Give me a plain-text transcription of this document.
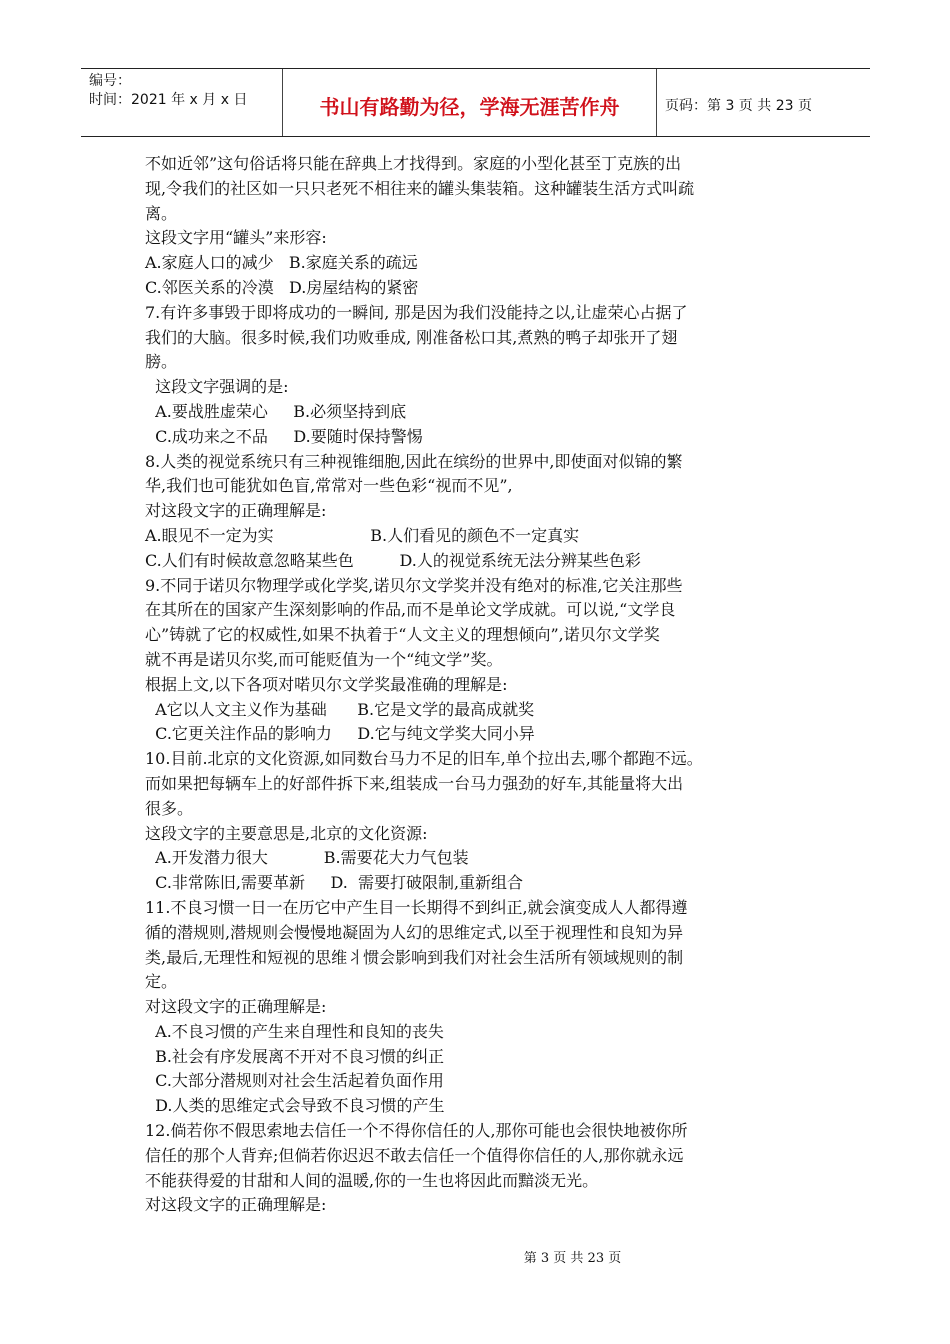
编号：
时间：2021 年 x 月 x 日	书山有路勤为径，学海无涯苦作舟	页码：第 3 页 共 23 页
不如近邻”这句俗话将只能在辞典上才找得到。家庭的小型化甚至丁克族的出
现,令我们的社区如一只只老死不相往来的罐头集装箱。这种罐装生活方式叫疏
离。
这段文字用“罐头”来形容:
A.家庭人口的减少   B.家庭关系的疏远
C.邻医关系的冷漠   D.房屋结构的紧密
7.有许多事毁于即将成功的一瞬间, 那是因为我们没能持之以,让虚荣心占据了
我们的大脑。很多时候,我们功败垂成, 刚准备松口其,煮熟的鸭子却张开了翅
膀。
这段文字强调的是:
A.要战胜虚荣心     B.必须坚持到底
C.成功来之不品     D.要随时保持警惕
8.人类的视觉系统只有三种视锥细胞,因此在缤纷的世界中,即使面对似锦的繁
华,我们也可能犹如色盲,常常对一些色彩“视而不见”,
对这段文字的正确理解是:
A.眼见不一定为实                   B.人们看见的颜色不一定真实
C.人们有时候故意忽略某些色         D.人的视觉系统无法分辨某些色彩
9.不同于诺贝尔物理学或化学奖,诺贝尔文学奖并没有绝对的标准,它关注那些
在其所在的国家产生深刻影响的作品,而不是单论文学成就。可以说,“文学良
心”铸就了它的权威性,如果不执着于“人文主义的理想倾向”,诺贝尔文学奖
就不再是诺贝尔奖,而可能贬值为一个“纯文学”奖。
根据上文,以下各项对喏贝尔文学奖最准确的理解是:
A它以人文主义作为基础      B.它是文学的最高成就奖
C.它更关注作品的影响力     D.它与纯文学奖大同小异
10.目前.北京的文化资源,如同数台马力不足的旧车,单个拉出去,哪个都跑不远。
而如果把每辆车上的好部件拆下来,组装成一台马力强劲的好车,其能量将大出
很多。
这段文字的主要意思是,北京的文化资源:
A.开发潜力很大           B.需要花大力气包装
C.非常陈旧,需要革新     D.  需要打破限制,重新组合
11.不良习惯一日一在历它中产生目一长期得不到纠正,就会演变成人人都得遵
循的潜规则,潜规则会慢慢地凝固为人幻的思维定式,以至于视理性和良知为异
类,最后,无理性和短视的思维丬惯会影响到我们对社会生活所有领域规则的制
定。
对这段文字的正确理解是:
A.不良习惯的产生来自理性和良知的丧失
B.社会有序发展离不开对不良习惯的纠正
C.大部分潜规则对社会生活起着负面作用
D.人类的思维定式会导致不良习惯的产生
12.倘若你不假思索地去信任一个不得你信任的人,那你可能也会很快地被你所
信任的那个人背弃;但倘若你迟迟不敢去信任一个值得你信任的人,那你就永远
不能获得爱的甘甜和人间的温暖,你的一生也将因此而黯淡无光。
对这段文字的正确理解是:
第 3 页 共 23 页
